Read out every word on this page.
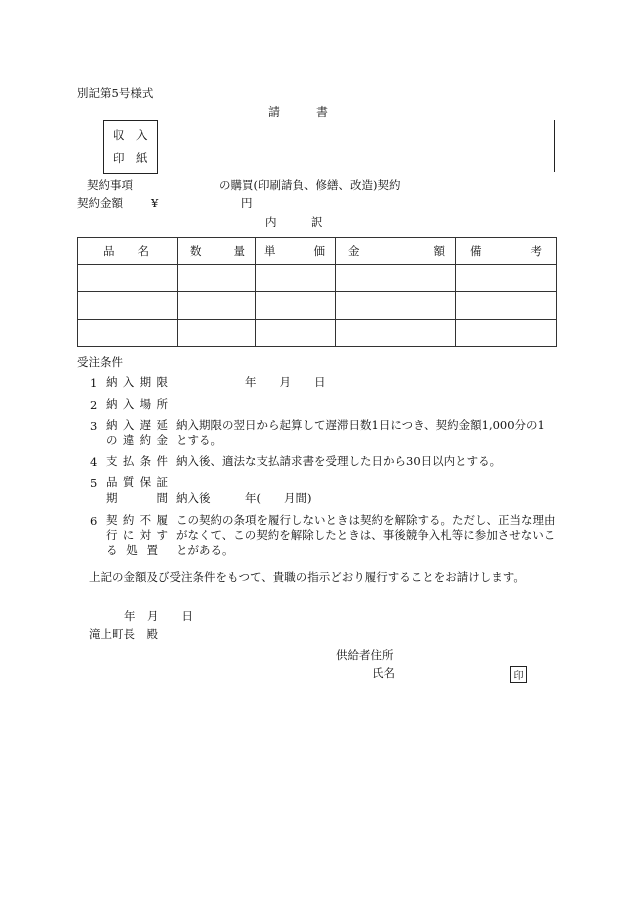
別記第5号様式
請　　　書
収　入
印　紙
契約事項	の購買(印刷請負、修繕、改造)契約
契約金額 ¥	円
内　　　訳
品 名	数 量	単 価	金 額	備 考

受注条件
1 納入期限 　　　　　　年　　月　　日
2 納入場所
3 納入遅延
の違約金
納入期限の翌日から起算して遅滞日数1日につき、契約金額1,000分の1とする。
4 支払条件 納入後、適法な支払請求書を受理した日から30日以内とする。
5 品質保証
期間 納入後　　　年(　　月間)
6 契約不履
行に対す
る処置
この契約の条項を履行しないときは契約を解除する。ただし、正当な理由がなくて、この契約を解除したときは、事後競争入札等に参加させないことがある。
上記の金額及び受注条件をもつて、貴職の指示どおり履行することをお請けします。
年　月　　日
滝上町長　殿
供給者住所
氏名	印
